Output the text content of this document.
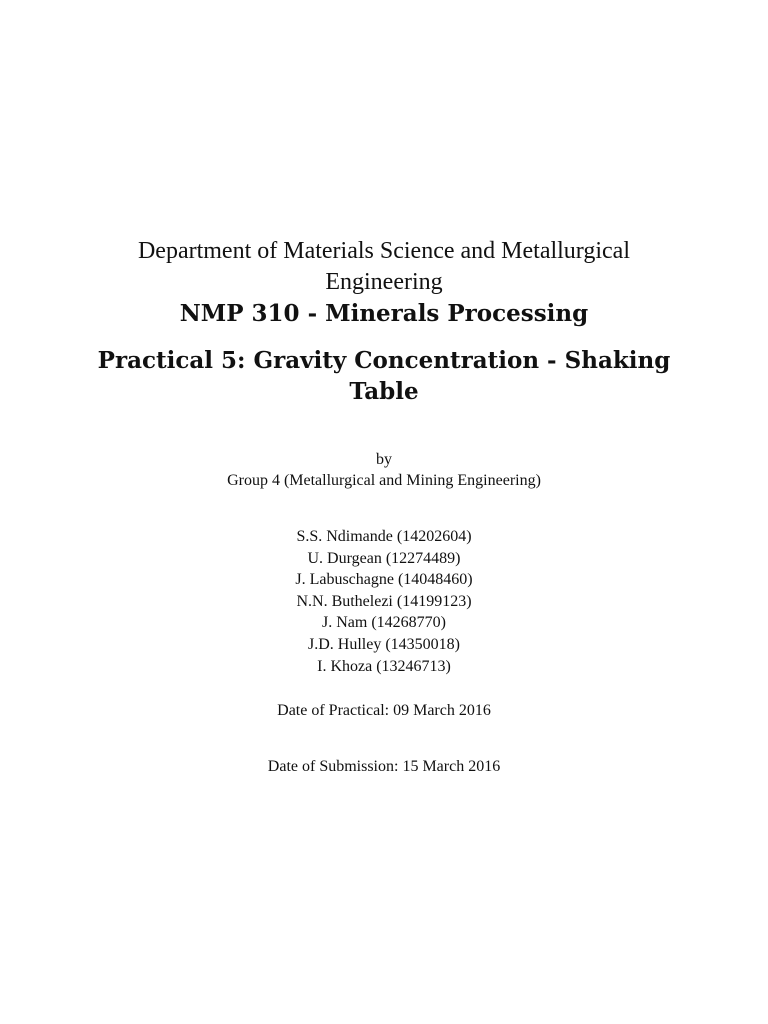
Department of Materials Science and Metallurgical
Engineering
NMP 310 - Minerals Processing
Practical 5: Gravity Concentration - Shaking
Table
by
Group 4 (Metallurgical and Mining Engineering)
S.S. Ndimande (14202604)
U. Durgean (12274489)
J. Labuschagne (14048460)
N.N. Buthelezi (14199123)
J. Nam (14268770)
J.D. Hulley (14350018)
I. Khoza (13246713)
Date of Practical: 09 March 2016
Date of Submission: 15 March 2016
